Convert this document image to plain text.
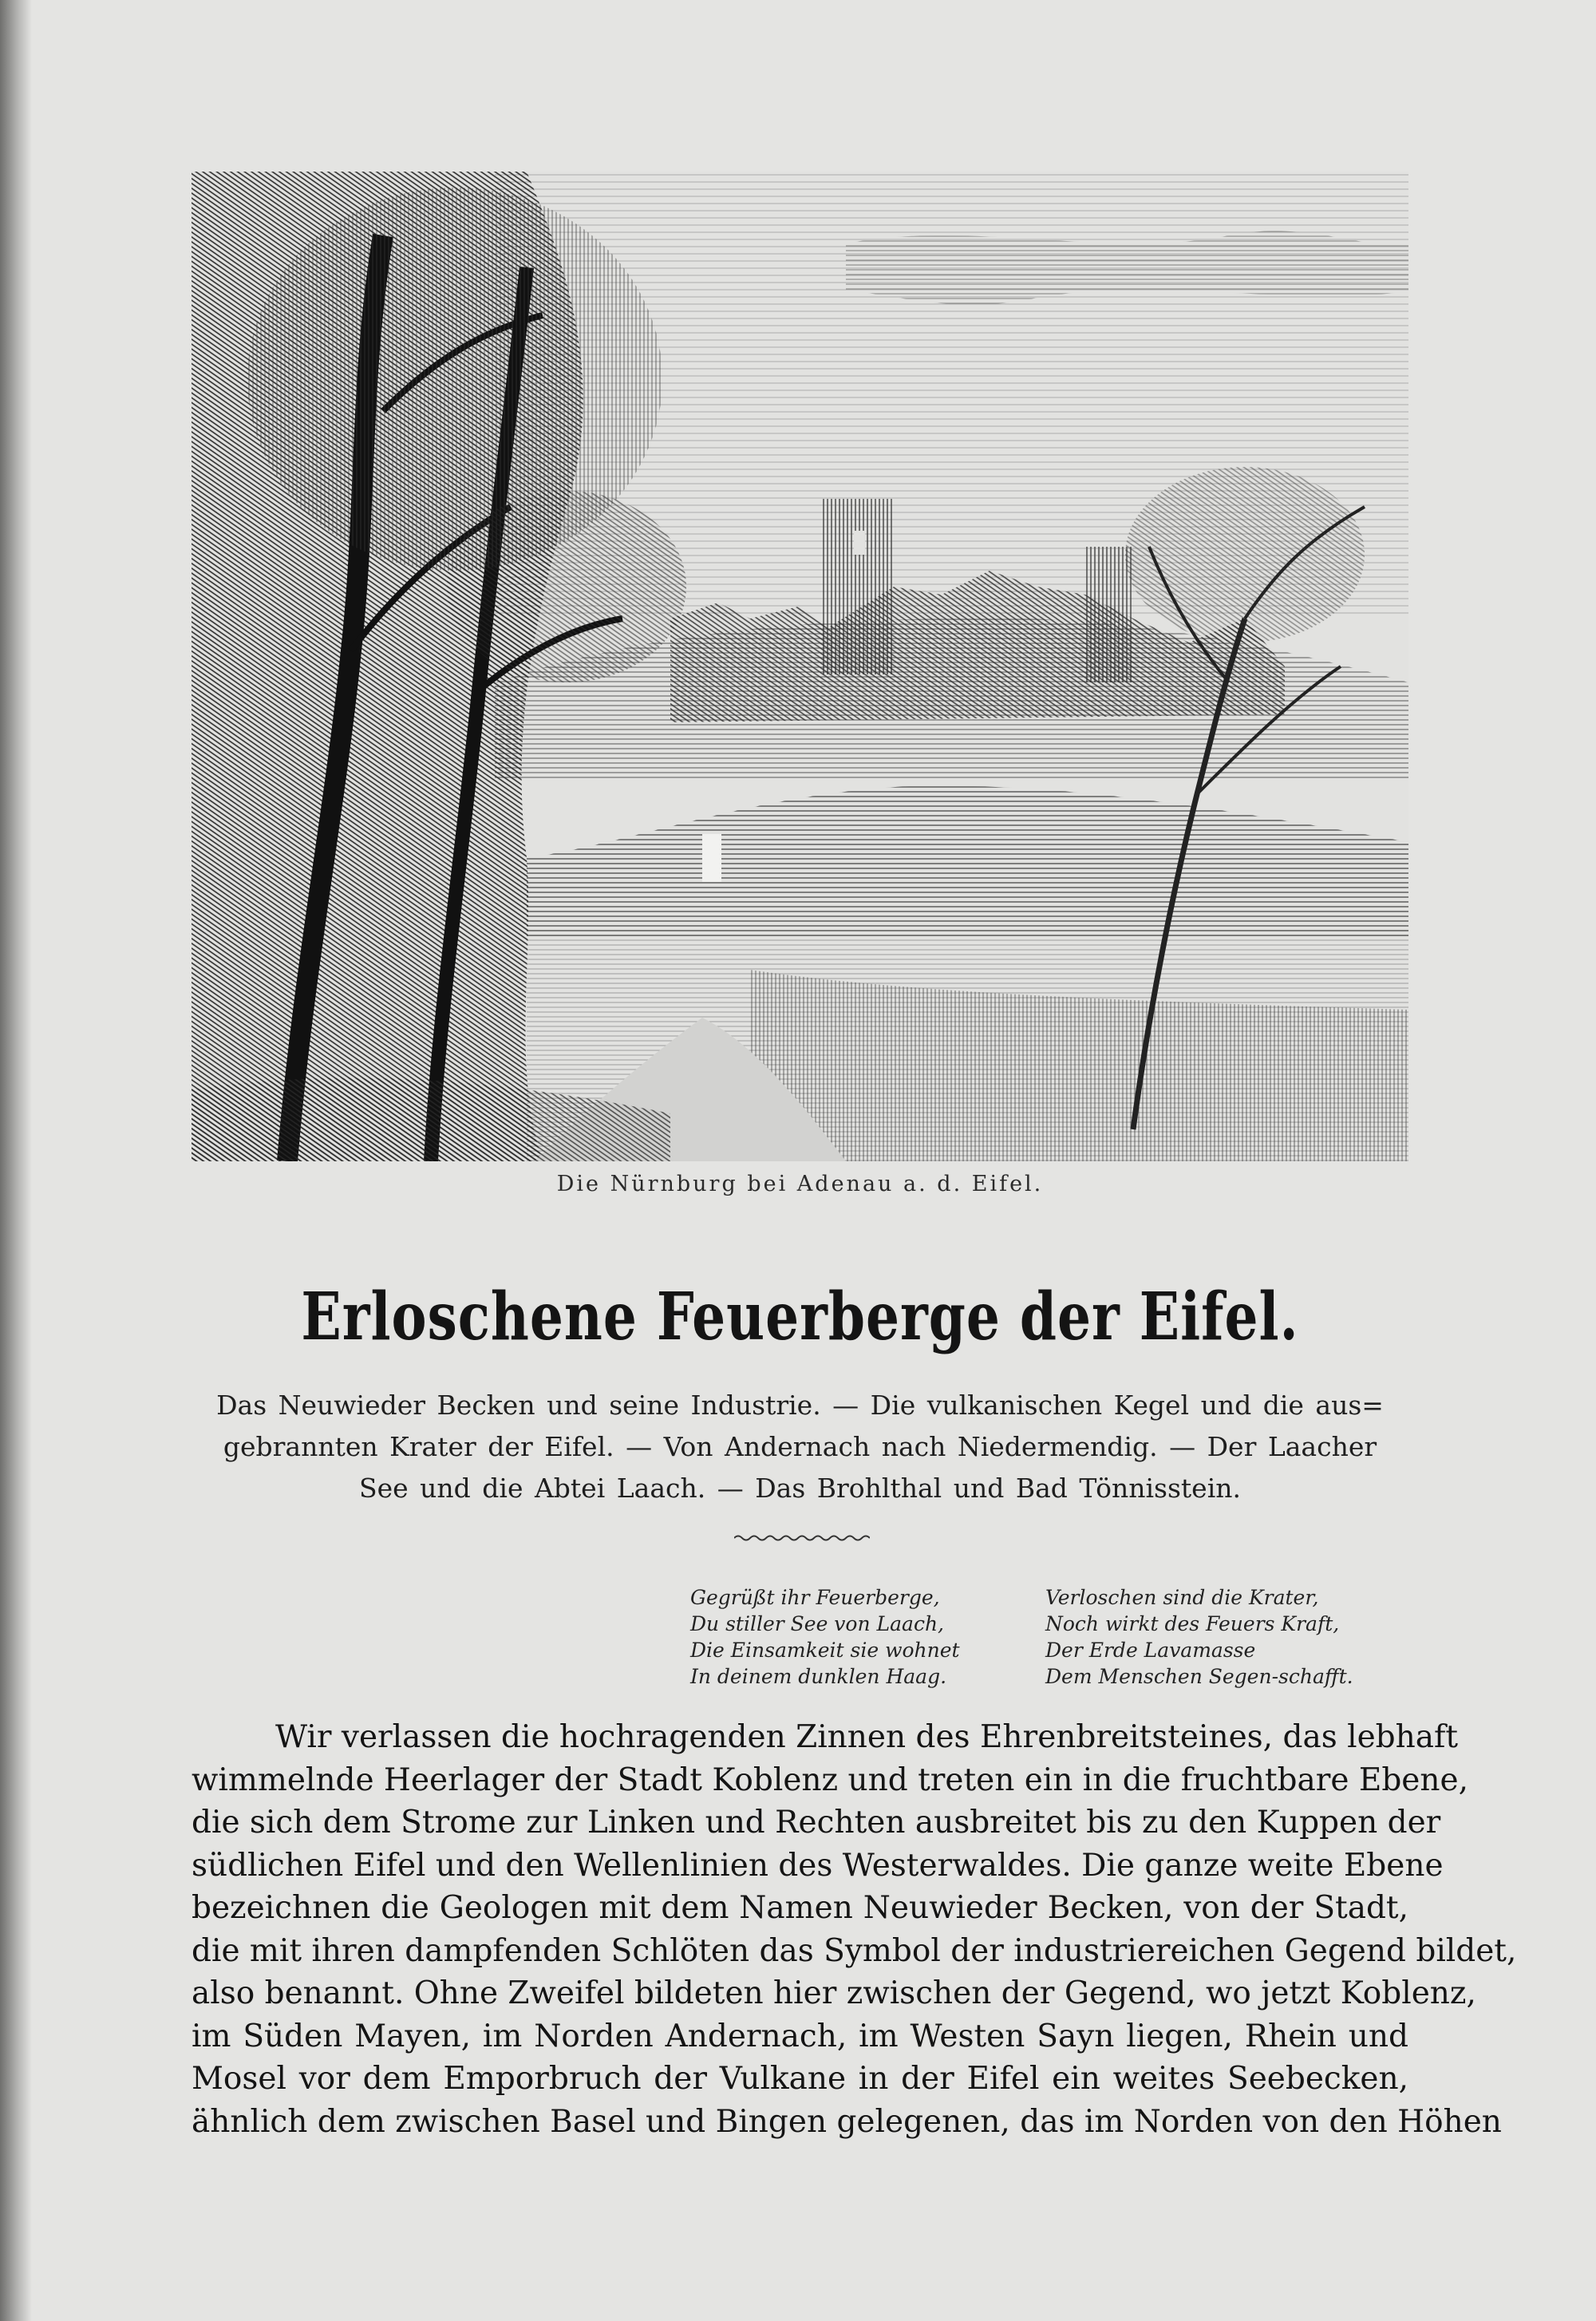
Die Nürnburg bei Adenau a. d. Eifel.
Erloschene Feuerberge der Eifel.
Das Neuwieder Becken und seine Industrie. — Die vulkanischen Kegel und die aus=
gebrannten Krater der Eifel. — Von Andernach nach Niedermendig. — Der Laacher
See und die Abtei Laach. — Das Brohlthal und Bad Tönnisstein.
Gegrüßt ihr Feuerberge,
Du stiller See von Laach,
Die Einsamkeit sie wohnet
In deinem dunklen Haag.
Verloschen sind die Krater,
Noch wirkt des Feuers Kraft,
Der Erde Lavamasse
Dem Menschen Segen-schafft.
Wir verlassen die hochragenden Zinnen des Ehrenbreitsteines, das lebhaft
wimmelnde Heerlager der Stadt Koblenz und treten ein in die fruchtbare Ebene,
die sich dem Strome zur Linken und Rechten ausbreitet bis zu den Kuppen der
südlichen Eifel und den Wellenlinien des Westerwaldes. Die ganze weite Ebene
bezeichnen die Geologen mit dem Namen Neuwieder Becken, von der Stadt,
die mit ihren dampfenden Schlöten das Symbol der industriereichen Gegend bildet,
also benannt. Ohne Zweifel bildeten hier zwischen der Gegend, wo jetzt Koblenz,
im Süden Mayen, im Norden Andernach, im Westen Sayn liegen, Rhein und
Mosel vor dem Emporbruch der Vulkane in der Eifel ein weites Seebecken,
ähnlich dem zwischen Basel und Bingen gelegenen, das im Norden von den Höhen
